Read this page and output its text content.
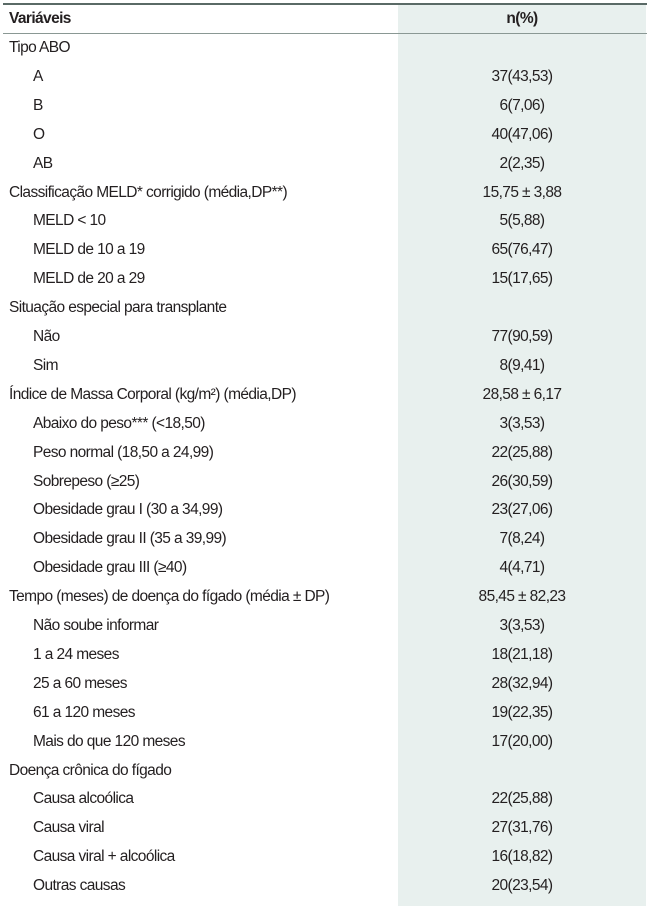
Variáveis	n(%)
Tipo ABO
A	37(43,53)
B	6(7,06)
O	40(47,06)
AB	2(2,35)
Classificação MELD* corrigido (média,DP**)	15,75 ± 3,88
MELD < 10	5(5,88)
MELD de 10 a 19	65(76,47)
MELD de 20 a 29	15(17,65)
Situação especial para transplante
Não	77(90,59)
Sim	8(9,41)
Índice de Massa Corporal (kg/m²) (média,DP)	28,58 ± 6,17
Abaixo do peso*** (<18,50)	3(3,53)
Peso normal (18,50 a 24,99)	22(25,88)
Sobrepeso (≥25)	26(30,59)
Obesidade grau I (30 a 34,99)	23(27,06)
Obesidade grau II (35 a 39,99)	7(8,24)
Obesidade grau III (≥40)	4(4,71)
Tempo (meses) de doença do fígado (média ± DP)	85,45 ± 82,23
Não soube informar	3(3,53)
1 a 24 meses	18(21,18)
25 a 60 meses	28(32,94)
61 a 120 meses	19(22,35)
Mais do que 120 meses	17(20,00)
Doença crônica do fígado
Causa alcoólica	22(25,88)
Causa viral	27(31,76)
Causa viral + alcoólica	16(18,82)
Outras causas	20(23,54)
